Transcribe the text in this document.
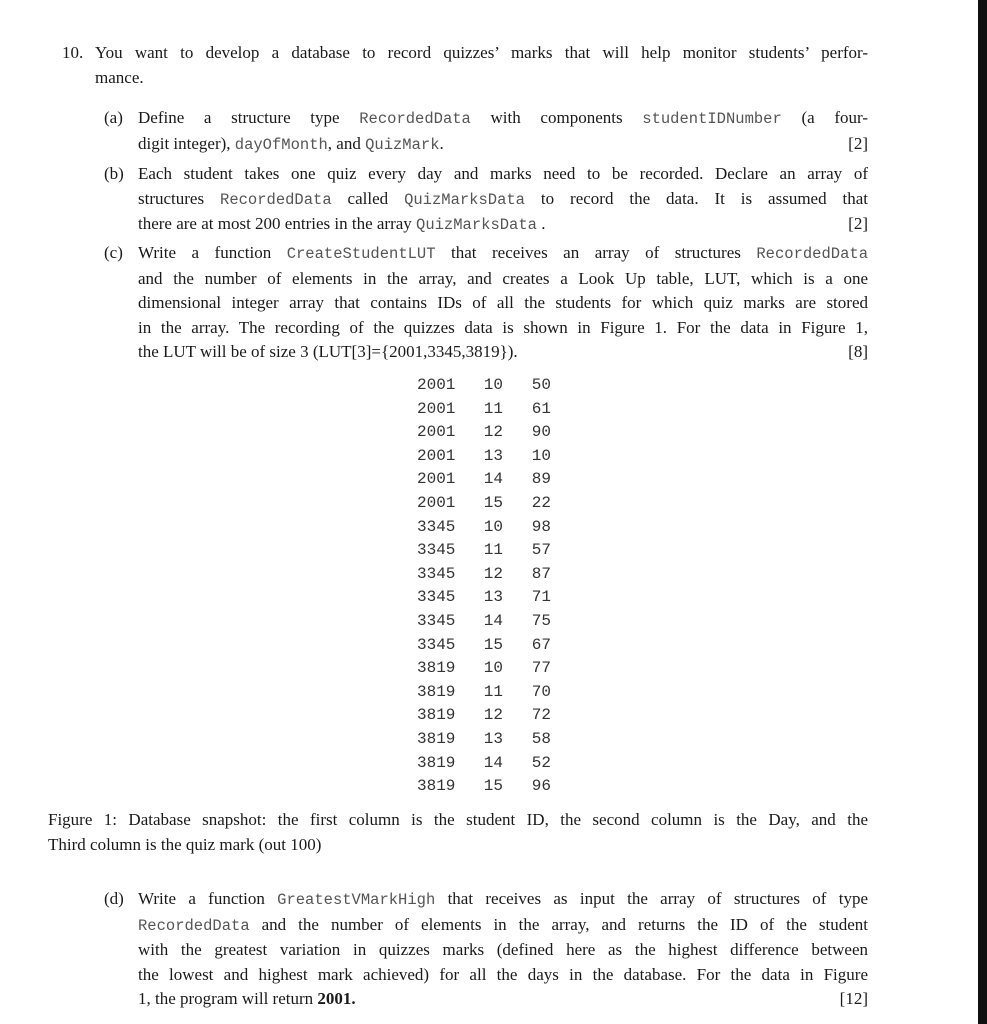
10. You want to develop a database to record quizzes’ marks that will help monitor students’ perfor-
mance.
(a) Define a structure type RecordedData with components studentIDNumber (a four-
digit integer), dayOfMonth, and QuizMark.	[2]
(b) Each student takes one quiz every day and marks need to be recorded. Declare an array of
structures RecordedData called QuizMarksData to record the data. It is assumed that
there are at most 200 entries in the array QuizMarksData .	[2]
(c) Write a function CreateStudentLUT that receives an array of structures RecordedData
and the number of elements in the array, and creates a Look Up table, LUT, which is a one
dimensional integer array that contains IDs of all the students for which quiz marks are stored
in the array. The recording of the quizzes data is shown in Figure 1. For the data in Figure 1,
the LUT will be of size 3 (LUT[3]={2001,3345,3819}).	[8]
2001	10	50
2001	11	61
2001	12	90
2001	13	10
2001	14	89
2001	15	22
3345	10	98
3345	11	57
3345	12	87
3345	13	71
3345	14	75
3345	15	67
3819	10	77
3819	11	70
3819	12	72
3819	13	58
3819	14	52
3819	15	96
Figure 1: Database snapshot: the first column is the student ID, the second column is the Day, and the
Third column is the quiz mark (out 100)
(d) Write a function GreatestVMarkHigh that receives as input the array of structures of type
RecordedData and the number of elements in the array, and returns the ID of the student
with the greatest variation in quizzes marks (defined here as the highest difference between
the lowest and highest mark achieved) for all the days in the database. For the data in Figure
1, the program will return 2001.	[12]
